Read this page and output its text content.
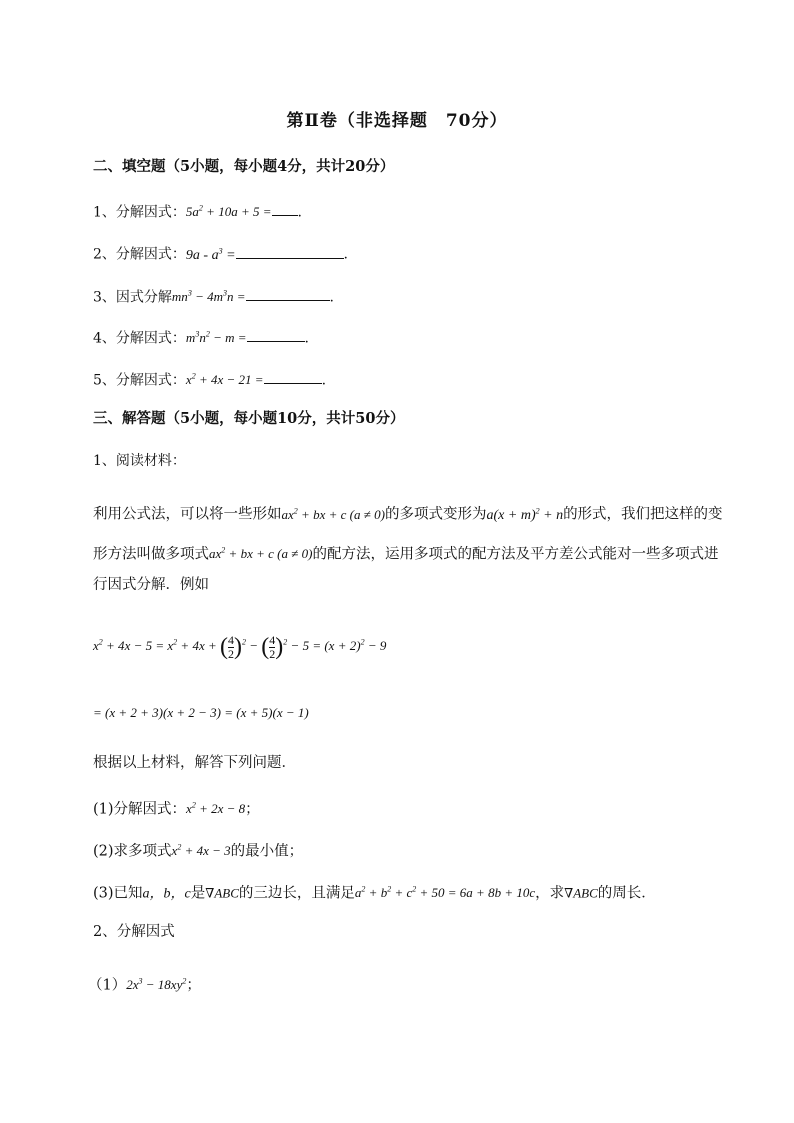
第Ⅱ卷（非选择题　70分）
二、填空题（5小题，每小题4分，共计20分）
1、分解因式：$5a^2 + 10a + 5$ = .
2、分解因式：$9a - a^3$ =	.
3、因式分解$mn^3 - 4m^3n$ =	.
4、分解因式：$m^3n^2 - m$ =	.
5、分解因式：$x^2 + 4x - 21$ =	.
三、解答题（5小题，每小题10分，共计50分）
1、阅读材料：
利用公式法，可以将一些形如$ax^2$ + bx + c (a ≠ 0)的多项式变形为$a(x + m)^2 + n$的形式，我们把这样的变
形方法叫做多项式$ax^2$ + bx + c (a ≠ 0)的配方法，运用多项式的配方法及平方差公式能对一些多项式进
行因式分解．例如
$x^2 + 4x - 5 = x^2 + 4x$ + ( $\frac{4}{2} )^2$ − ( $\frac{4}{2} )^2 - 5 = (x + 2)^2 - 9$
= (x + 2 + 3)(x + 2 − 3) = (x + 5)(x − 1)
根据以上材料，解答下列问题．
(1)分解因式：$x^2 + 2x - 8$；
(2)求多项式$x^2 + 4x - 3$的最小值；
(3)已知a，b，c是∇ABC的三边长，且满足$a^2 + b^2 + c^2 + 50 = 6a + 8b + 10c$，求∇ABC的周长．
2、分解因式
$(1)2x^3 - 18xy^2$；
